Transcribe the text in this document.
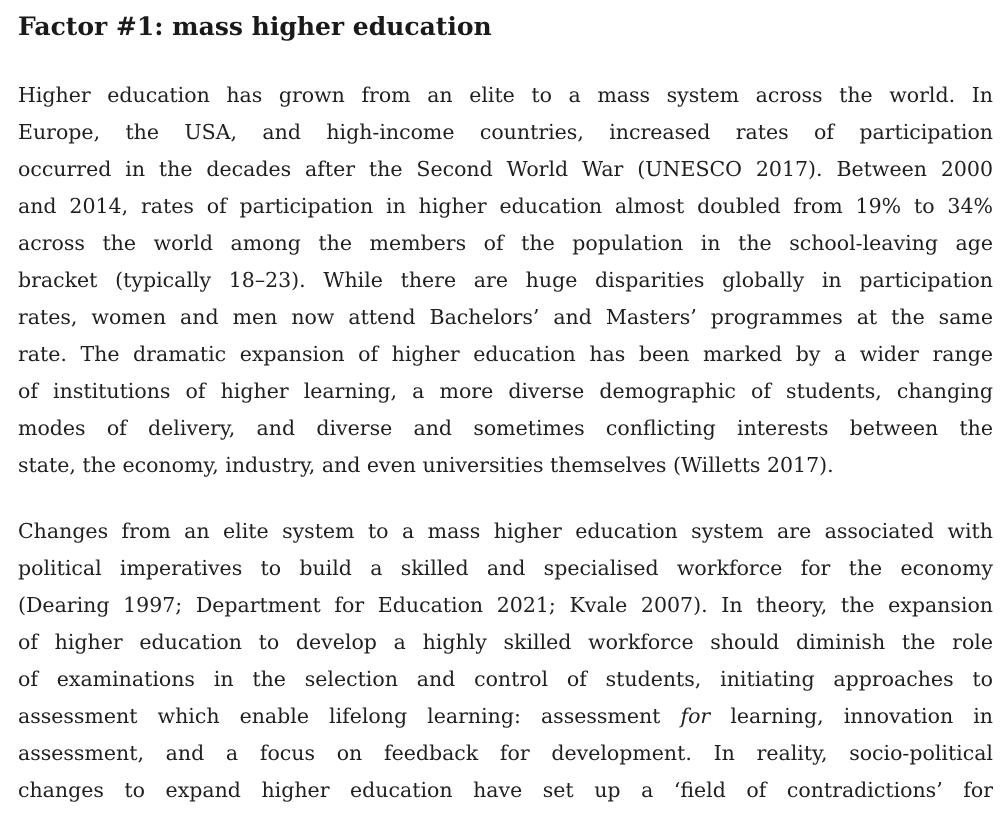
Factor #1: mass higher education
Higher education has grown from an elite to a mass system across the world. In
Europe, the USA, and high-income countries, increased rates of participation
occurred in the decades after the Second World War (UNESCO 2017). Between 2000
and 2014, rates of participation in higher education almost doubled from 19% to 34%
across the world among the members of the population in the school-leaving age
bracket (typically 18–23). While there are huge disparities globally in participation
rates, women and men now attend Bachelors’ and Masters’ programmes at the same
rate. The dramatic expansion of higher education has been marked by a wider range
of institutions of higher learning, a more diverse demographic of students, changing
modes of delivery, and diverse and sometimes conflicting interests between the
state, the economy, industry, and even universities themselves (Willetts 2017).
Changes from an elite system to a mass higher education system are associated with
political imperatives to build a skilled and specialised workforce for the economy
(Dearing 1997; Department for Education 2021; Kvale 2007). In theory, the expansion
of higher education to develop a highly skilled workforce should diminish the role
of examinations in the selection and control of students, initiating approaches to
assessment which enable lifelong learning: assessment for learning, innovation in
assessment, and a focus on feedback for development. In reality, socio-political
changes to expand higher education have set up a ‘field of contradictions’ for
